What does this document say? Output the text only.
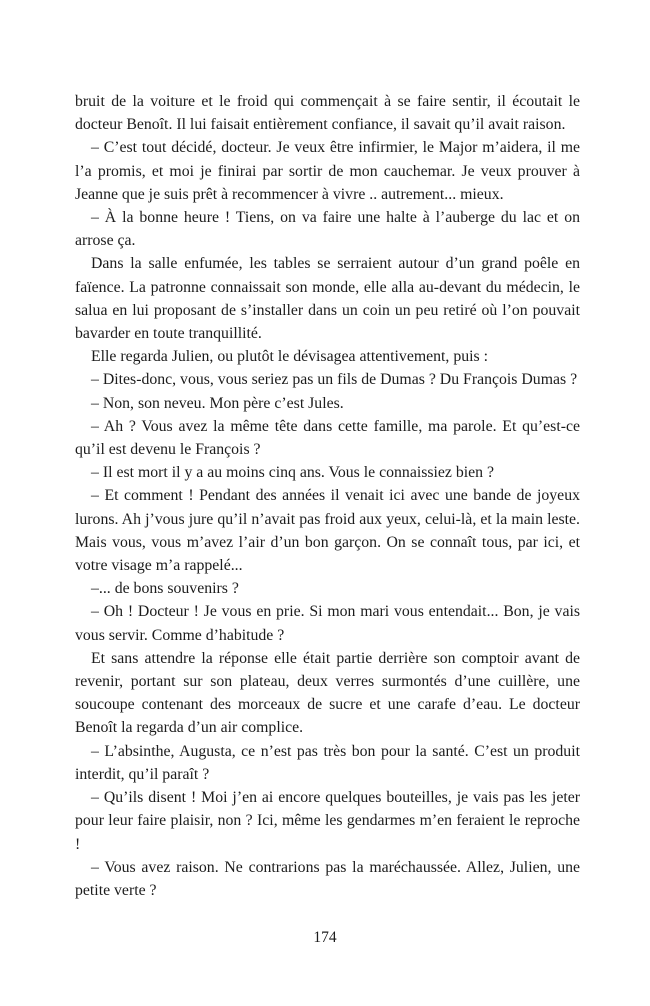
bruit de la voiture et le froid qui commençait à se faire sentir, il écoutait le docteur Benoît. Il lui faisait entièrement confiance, il savait qu’il avait raison.

– C’est tout décidé, docteur. Je veux être infirmier, le Major m’aidera, il me l’a promis, et moi je finirai par sortir de mon cauchemar. Je veux prouver à Jeanne que je suis prêt à recommencer à vivre .. autrement... mieux.

– À la bonne heure ! Tiens, on va faire une halte à l’auberge du lac et on arrose ça.

Dans la salle enfumée, les tables se serraient autour d’un grand poêle en faïence. La patronne connaissait son monde, elle alla au-devant du médecin, le salua en lui proposant de s’installer dans un coin un peu retiré où l’on pouvait bavarder en toute tranquillité.

Elle regarda Julien, ou plutôt le dévisagea attentivement, puis :

– Dites-donc, vous, vous seriez pas un fils de Dumas ? Du François Dumas ?

– Non, son neveu. Mon père c’est Jules.

– Ah ? Vous avez la même tête dans cette famille, ma parole. Et qu’est-ce qu’il est devenu le François ?

– Il est mort il y a au moins cinq ans. Vous le connaissiez bien ?

– Et comment ! Pendant des années il venait ici avec une bande de joyeux lurons. Ah j’vous jure qu’il n’avait pas froid aux yeux, celui-là, et la main leste. Mais vous, vous m’avez l’air d’un bon garçon. On se connaît tous, par ici, et votre visage m’a rappelé...

–... de bons souvenirs ?

– Oh ! Docteur ! Je vous en prie. Si mon mari vous entendait... Bon, je vais vous servir. Comme d’habitude ?

Et sans attendre la réponse elle était partie derrière son comptoir avant de revenir, portant sur son plateau, deux verres surmontés d’une cuillère, une soucoupe contenant des morceaux de sucre et une carafe d’eau. Le docteur Benoît la regarda d’un air complice.

– L’absinthe, Augusta, ce n’est pas très bon pour la santé. C’est un produit interdit, qu’il paraît ?

– Qu’ils disent ! Moi j’en ai encore quelques bouteilles, je vais pas les jeter pour leur faire plaisir, non ? Ici, même les gendarmes m’en feraient le reproche !

– Vous avez raison. Ne contrarions pas la maréchaussée. Allez, Julien, une petite verte ?

174
